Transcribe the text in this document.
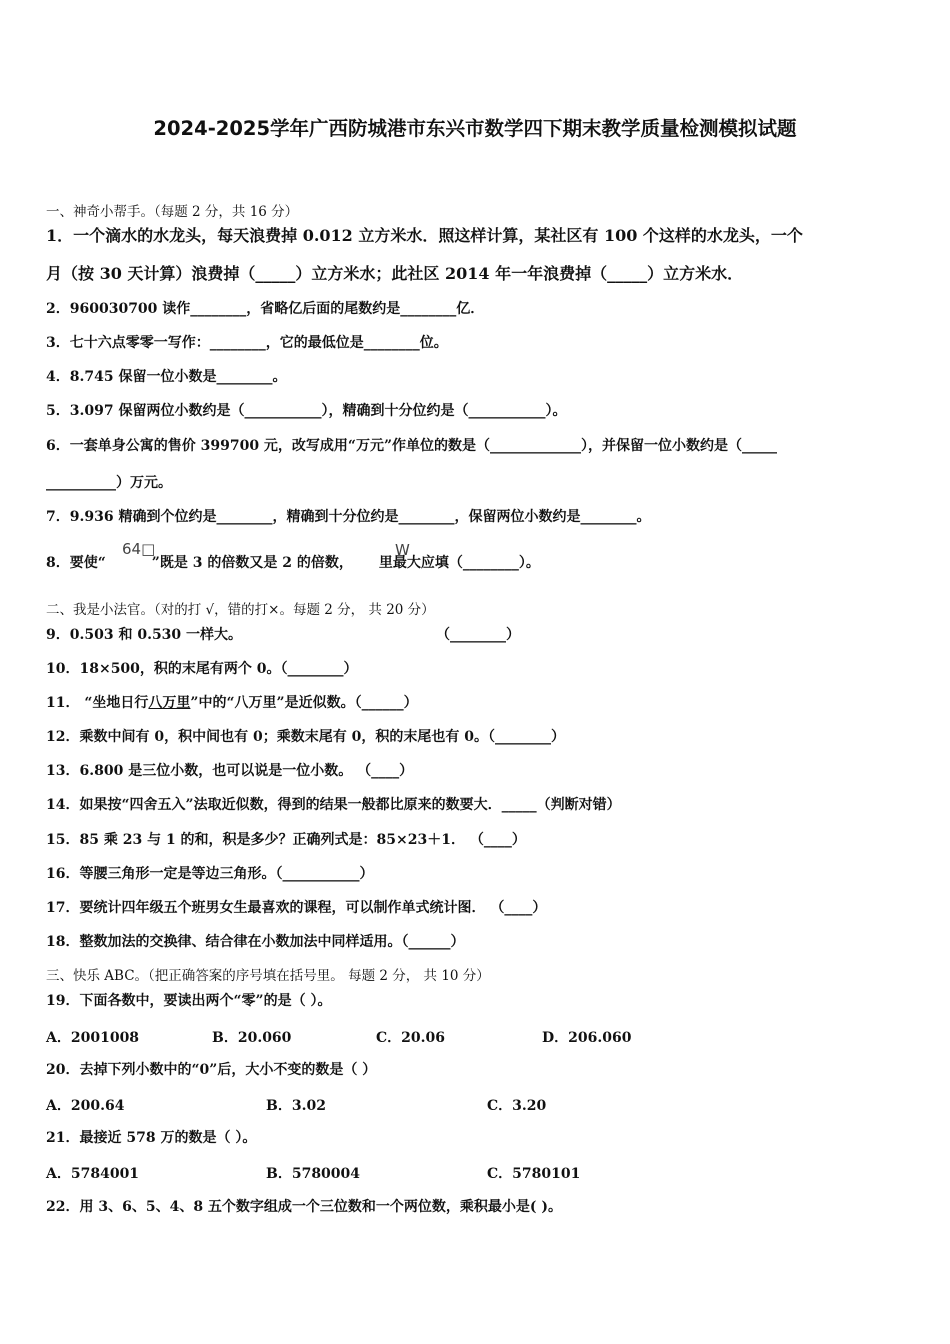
2024-2025学年广西防城港市东兴市数学四下期末教学质量检测模拟试题
一、神奇小帮手。（每题 2 分，共 16 分）
1．一个滴水的水龙头，每天浪费掉 0.012 立方米水．照这样计算，某社区有 100 个这样的水龙头，一个
月（按 30 天计算）浪费掉（_____）立方米水；此社区 2014 年一年浪费掉（_____）立方米水．
2．960030700 读作________，省略亿后面的尾数约是________亿．
3．七十六点零零一写作：________，它的最低位是________位。
4．8.745 保留一位小数是________。
5．3.097 保留两位小数约是（___________），精确到十分位约是（___________）。
6．一套单身公寓的售价 399700 元，改写成用“万元”作单位的数是（_____________），并保留一位小数约是（_____
__________）万元。
7．9.936 精确到个位约是________，精确到十分位约是________，保留两位小数约是________。
8．要使“	”既是 3 的倍数又是 2 的倍数， 里最大应填（________）。
64□	W
二、我是小法官。（对的打 √，错的打×。每题 2 分， 共 20 分）
9．0.503 和 0.530 一样大。	（________）
10．18×500，积的末尾有两个 0。（________）
11． “坐地日行八万里”中的“八万里”是近似数。（______）
12．乘数中间有 0，积中间也有 0；乘数末尾有 0，积的末尾也有 0。（________）
13．6.800 是三位小数，也可以说是一位小数。 （____）
14．如果按“四舍五入”法取近似数，得到的结果一般都比原来的数要大．_____（判断对错）
15．85 乘 23 与 1 的和，积是多少？正确列式是：85×23＋1． （____）
16．等腰三角形一定是等边三角形。（___________）
17．要统计四年级五个班男女生最喜欢的课程，可以制作单式统计图． （____）
18．整数加法的交换律、结合律在小数加法中同样适用。（______）
三、快乐 ABC。（把正确答案的序号填在括号里。 每题 2 分， 共 10 分）
19．下面各数中，要读出两个“零”的是（ ）。
A．2001008	B．20.060	C．20.06	D．206.060
20．去掉下列小数中的“0”后，大小不变的数是（ ）
A．200.64	B．3.02	C．3.20
21．最接近 578 万的数是（ ）。
A．5784001	B．5780004	C．5780101
22．用 3、6、5、4、8 五个数字组成一个三位数和一个两位数，乘积最小是( )。
